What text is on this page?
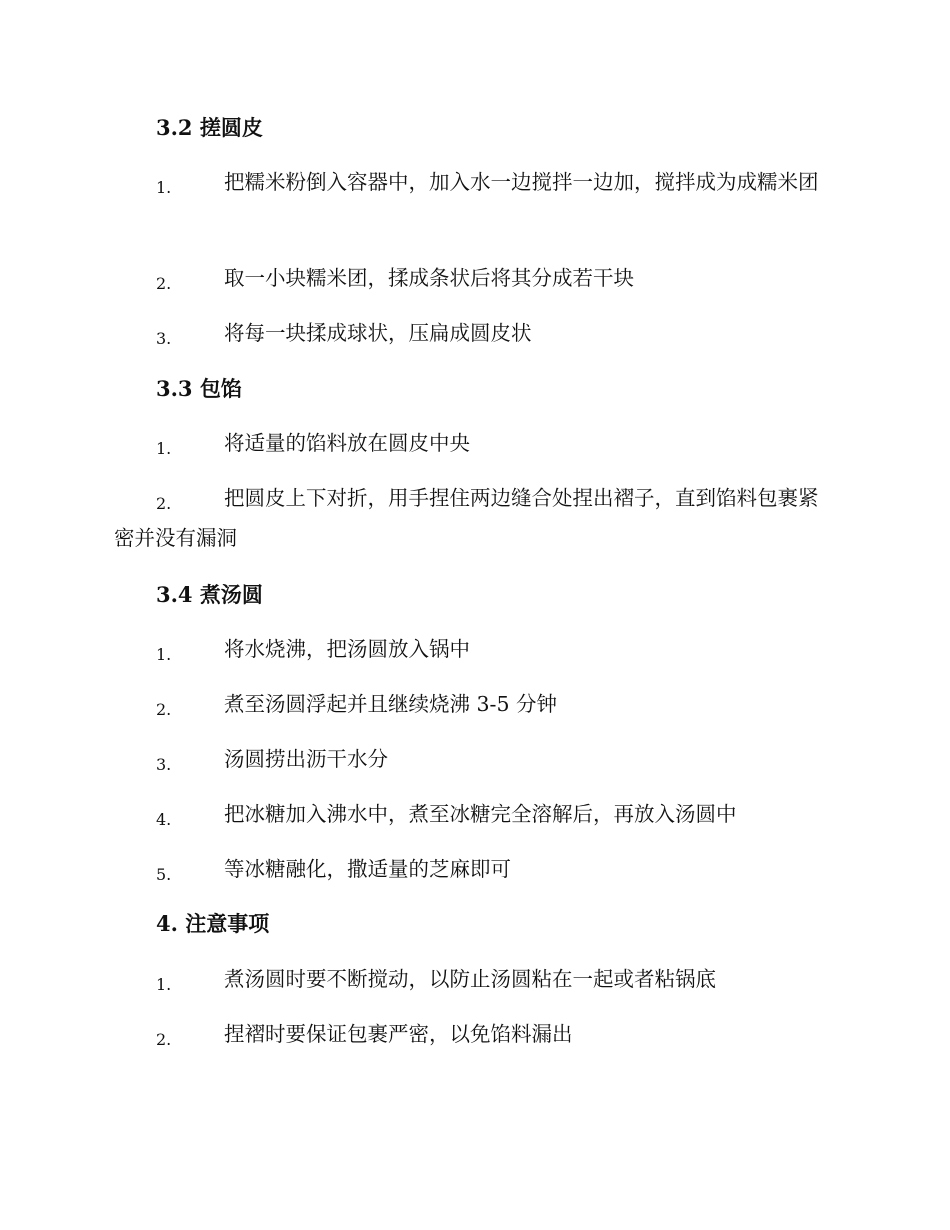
3.2 搓圆皮
1.	把糯米粉倒入容器中，加入水一边搅拌一边加，搅拌成为成糯米团
2.	取一小块糯米团，揉成条状后将其分成若干块
3.	将每一块揉成球状，压扁成圆皮状
3.3 包馅
1.	将适量的馅料放在圆皮中央
2.	把圆皮上下对折，用手捏住两边缝合处捏出褶子，直到馅料包裹紧密并没有漏洞
3.4 煮汤圆
1.	将水烧沸，把汤圆放入锅中
2.	煮至汤圆浮起并且继续烧沸 3-5 分钟
3.	汤圆捞出沥干水分
4.	把冰糖加入沸水中，煮至冰糖完全溶解后，再放入汤圆中
5.	等冰糖融化，撒适量的芝麻即可
4. 注意事项
1.	煮汤圆时要不断搅动，以防止汤圆粘在一起或者粘锅底
2.	捏褶时要保证包裹严密，以免馅料漏出
